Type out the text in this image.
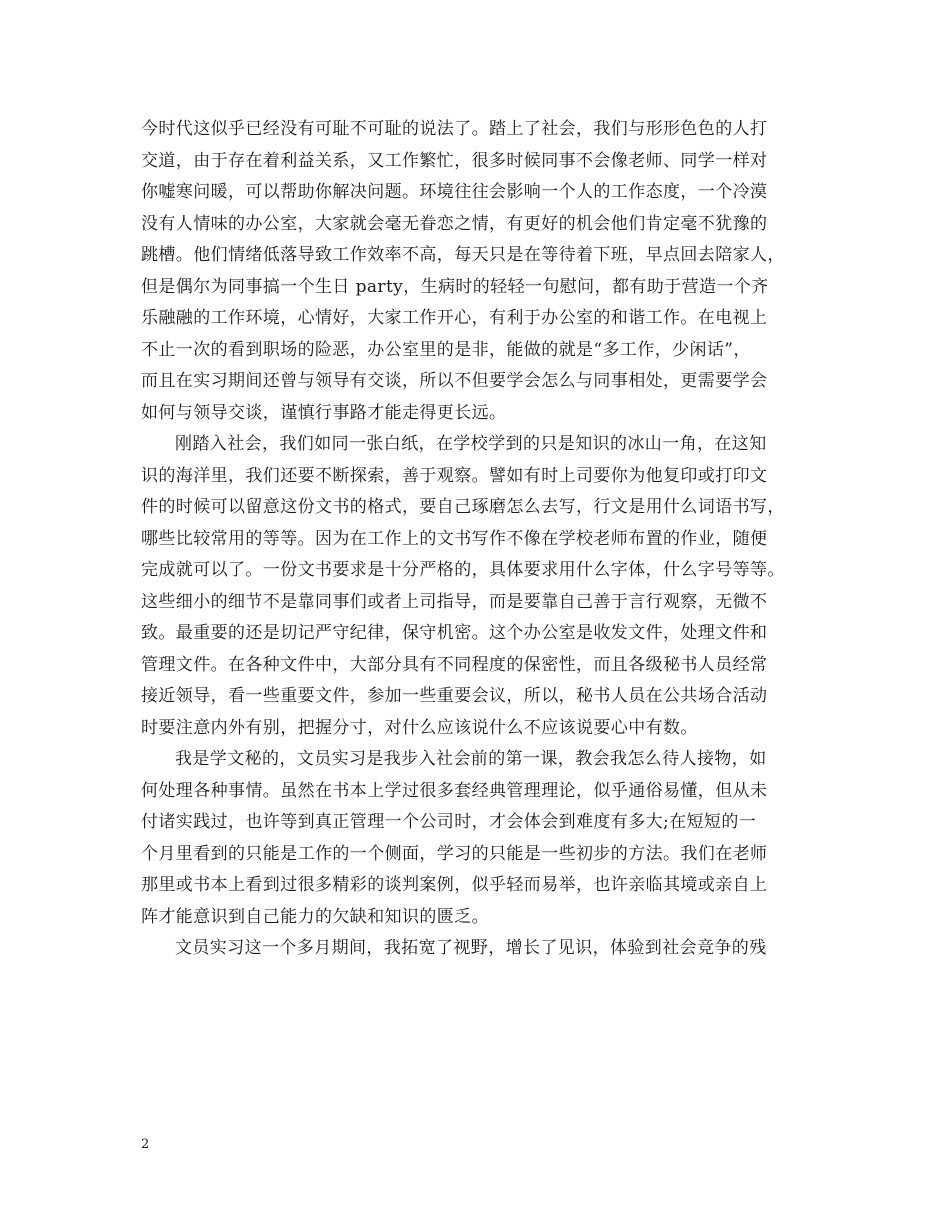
今时代这似乎已经没有可耻不可耻的说法了。踏上了社会，我们与形形色色的人打
交道，由于存在着利益关系，又工作繁忙，很多时候同事不会像老师、同学一样对
你嘘寒问暖，可以帮助你解决问题。环境往往会影响一个人的工作态度，一个冷漠
没有人情味的办公室，大家就会毫无眷恋之情，有更好的机会他们肯定毫不犹豫的
跳槽。他们情绪低落导致工作效率不高，每天只是在等待着下班，早点回去陪家人，
但是偶尔为同事搞一个生日 party，生病时的轻轻一句慰问，都有助于营造一个齐
乐融融的工作环境，心情好，大家工作开心，有利于办公室的和谐工作。在电视上
不止一次的看到职场的险恶，办公室里的是非，能做的就是“多工作，少闲话”，
而且在实习期间还曾与领导有交谈，所以不但要学会怎么与同事相处，更需要学会
如何与领导交谈，谨慎行事路才能走得更长远。
刚踏入社会，我们如同一张白纸，在学校学到的只是知识的冰山一角，在这知
识的海洋里，我们还要不断探索，善于观察。譬如有时上司要你为他复印或打印文
件的时候可以留意这份文书的格式，要自己琢磨怎么去写，行文是用什么词语书写，
哪些比较常用的等等。因为在工作上的文书写作不像在学校老师布置的作业，随便
完成就可以了。一份文书要求是十分严格的，具体要求用什么字体，什么字号等等。
这些细小的细节不是靠同事们或者上司指导，而是要靠自己善于言行观察，无微不
致。最重要的还是切记严守纪律，保守机密。这个办公室是收发文件，处理文件和
管理文件。在各种文件中，大部分具有不同程度的保密性，而且各级秘书人员经常
接近领导，看一些重要文件，参加一些重要会议，所以，秘书人员在公共场合活动
时要注意内外有别，把握分寸，对什么应该说什么不应该说要心中有数。
我是学文秘的，文员实习是我步入社会前的第一课，教会我怎么待人接物，如
何处理各种事情。虽然在书本上学过很多套经典管理理论，似乎通俗易懂，但从未
付诸实践过，也许等到真正管理一个公司时，才会体会到难度有多大;在短短的一
个月里看到的只能是工作的一个侧面，学习的只能是一些初步的方法。我们在老师
那里或书本上看到过很多精彩的谈判案例，似乎轻而易举，也许亲临其境或亲自上
阵才能意识到自己能力的欠缺和知识的匮乏。
文员实习这一个多月期间，我拓宽了视野，增长了见识，体验到社会竞争的残
2
